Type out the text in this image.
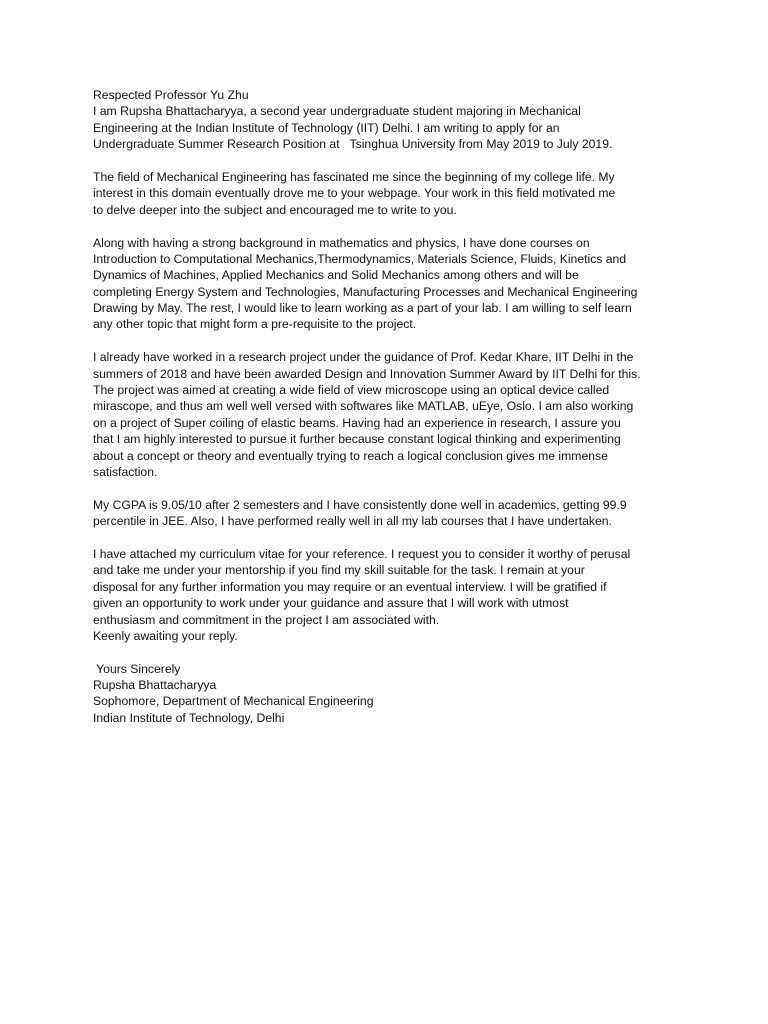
Respected Professor Yu Zhu
I am Rupsha Bhattacharyya, a second year undergraduate student majoring in Mechanical
Engineering at the Indian Institute of Technology (IIT) Delhi. I am writing to apply for an
Undergraduate Summer Research Position at   Tsinghua University from May 2019 to July 2019.
The field of Mechanical Engineering has fascinated me since the beginning of my college life. My
interest in this domain eventually drove me to your webpage. Your work in this field motivated me
to delve deeper into the subject and encouraged me to write to you.
Along with having a strong background in mathematics and physics, I have done courses on
Introduction to Computational Mechanics,Thermodynamics, Materials Science, Fluids, Kinetics and
Dynamics of Machines, Applied Mechanics and Solid Mechanics among others and will be
completing Energy System and Technologies, Manufacturing Processes and Mechanical Engineering
Drawing by May. The rest, I would like to learn working as a part of your lab. I am willing to self learn
any other topic that might form a pre-requisite to the project.
I already have worked in a research project under the guidance of Prof. Kedar Khare, IIT Delhi in the
summers of 2018 and have been awarded Design and Innovation Summer Award by IIT Delhi for this.
The project was aimed at creating a wide field of view microscope using an optical device called
mirascope, and thus am well well versed with softwares like MATLAB, uEye, Oslo. I am also working
on a project of Super coiling of elastic beams. Having had an experience in research, I assure you
that I am highly interested to pursue it further because constant logical thinking and experimenting
about a concept or theory and eventually trying to reach a logical conclusion gives me immense
satisfaction.
My CGPA is 9.05/10 after 2 semesters and I have consistently done well in academics, getting 99.9
percentile in JEE. Also, I have performed really well in all my lab courses that I have undertaken.
I have attached my curriculum vitae for your reference. I request you to consider it worthy of perusal
and take me under your mentorship if you find my skill suitable for the task. I remain at your
disposal for any further information you may require or an eventual interview. I will be gratified if
given an opportunity to work under your guidance and assure that I will work with utmost
enthusiasm and commitment in the project I am associated with.
Keenly awaiting your reply.
Yours Sincerely
Rupsha Bhattacharyya
Sophomore, Department of Mechanical Engineering
Indian Institute of Technology, Delhi
